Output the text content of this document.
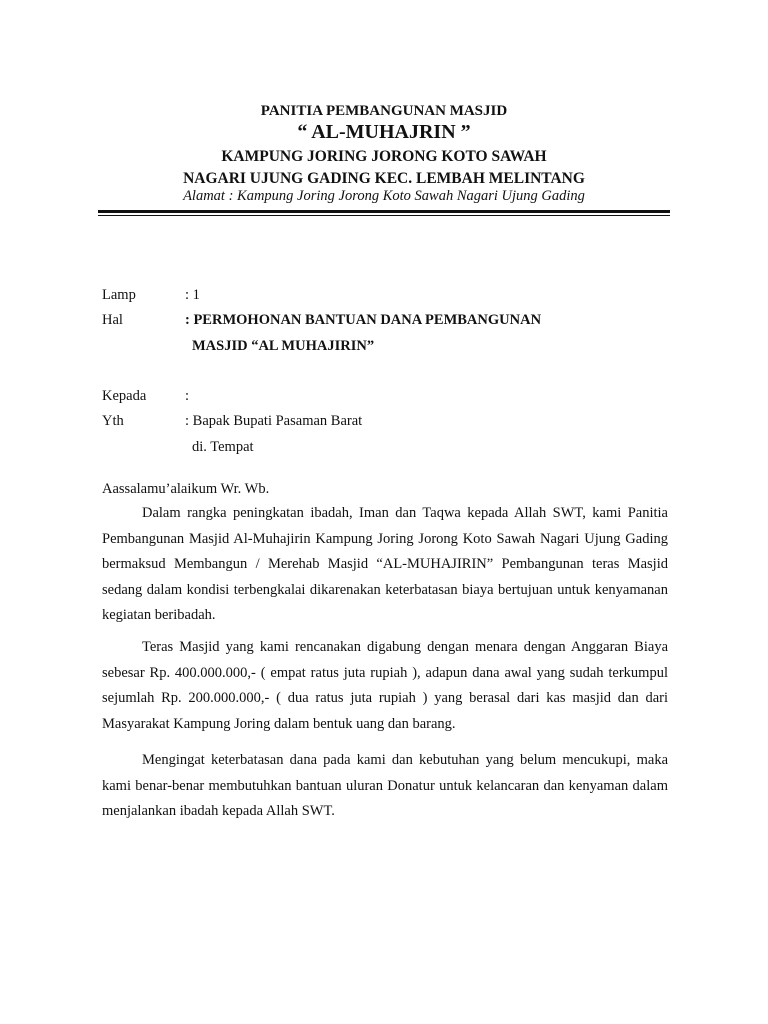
PANITIA PEMBANGUNAN MASJID
“ AL-MUHAJRIN ”
KAMPUNG JORING JORONG KOTO SAWAH
NAGARI UJUNG GADING KEC. LEMBAH MELINTANG
Alamat : Kampung Joring Jorong Koto Sawah Nagari Ujung Gading
Lamp	: 1
Hal	: PERMOHONAN BANTUAN DANA PEMBANGUNAN
MASJID “AL MUHAJIRIN”
Kepada	:
Yth	: Bapak Bupati Pasaman Barat
di. Tempat
Aassalamu’alaikum Wr. Wb.

Dalam rangka peningkatan ibadah, Iman dan Taqwa kepada Allah SWT, kami Panitia Pembangunan Masjid Al-Muhajirin Kampung Joring Jorong Koto Sawah Nagari Ujung Gading bermaksud Membangun / Merehab Masjid “AL-MUHAJIRIN” Pembangunan teras Masjid sedang dalam kondisi terbengkalai dikarenakan keterbatasan biaya bertujuan untuk kenyamanan kegiatan beribadah.

Teras Masjid yang kami rencanakan digabung dengan menara dengan Anggaran Biaya sebesar Rp. 400.000.000,- ( empat ratus juta rupiah ), adapun dana awal yang sudah terkumpul sejumlah Rp. 200.000.000,- ( dua ratus juta rupiah ) yang berasal dari kas masjid dan dari Masyarakat Kampung Joring dalam bentuk uang dan barang.

Mengingat keterbatasan dana pada kami dan kebutuhan yang belum mencukupi, maka kami benar-benar membutuhkan bantuan uluran Donatur untuk kelancaran dan kenyaman dalam menjalankan ibadah kepada Allah SWT.
